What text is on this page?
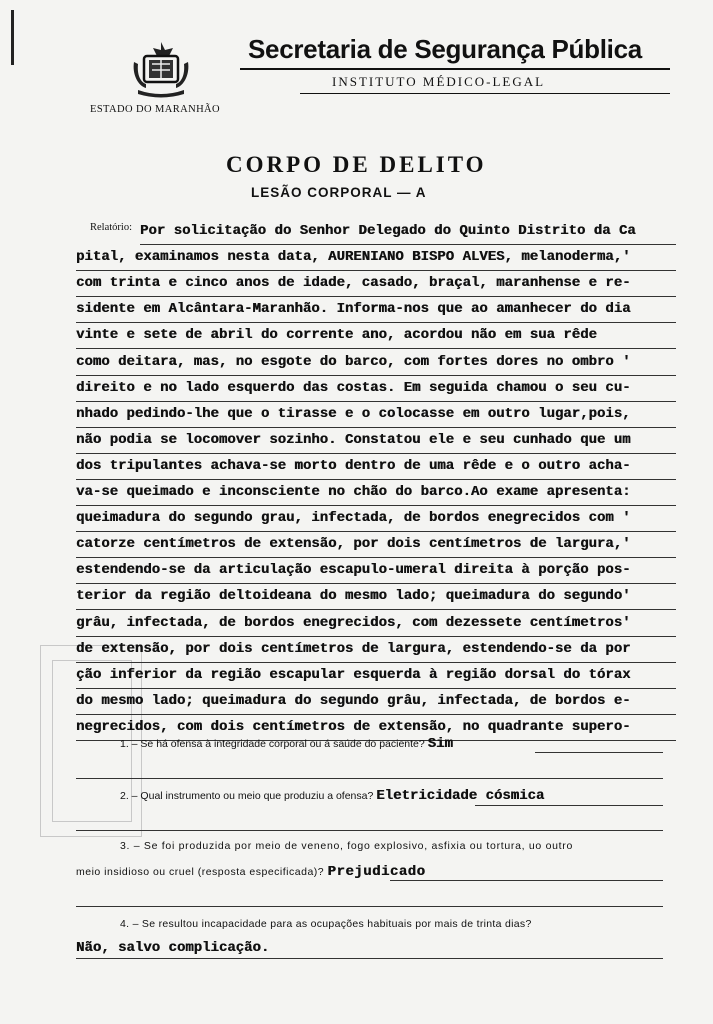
ESTADO DO MARANHÃO
Secretaria de Segurança Pública
INSTITUTO MÉDICO-LEGAL
CORPO DE DELITO
LESÃO CORPORAL — A
Relatório: Por solicitação do Senhor Delegado do Quinto Distrito da Ca
pital, examinamos nesta data, AURENIANO BISPO ALVES, melanoderma,'
com trinta e cinco anos de idade, casado, braçal, maranhense e re-
sidente em Alcântara-Maranhão. Informa-nos que ao amanhecer do dia
vinte e sete de abril do corrente ano, acordou não em sua rêde
como deitara, mas, no esgote do barco, com fortes dores no ombro '
direito e no lado esquerdo das costas. Em seguida chamou o seu cu-
nhado pedindo-lhe que o tirasse e o colocasse em outro lugar,pois,
não podia se locomover sozinho. Constatou ele e seu cunhado que um
dos tripulantes achava-se morto dentro de uma rêde e o outro acha-
va-se queimado e inconsciente no chão do barco.Ao exame apresenta:
queimadura do segundo grau, infectada, de bordos enegrecidos com '
catorze centímetros de extensão, por dois centímetros de largura,'
estendendo-se da articulação escapulo-umeral direita à porção pos-
terior da região deltoideana do mesmo lado; queimadura do segundo'
grâu, infectada, de bordos enegrecidos, com dezessete centímetros'
de extensão, por dois centímetros de largura, estendendo-se da por
ção inferior da região escapular esquerda à região dorsal do tórax
do mesmo lado; queimadura do segundo grâu, infectada, de bordos e-
negrecidos, com dois centímetros de extensão, no quadrante supero-
1. – Se há ofensa à integridade corporal ou á saúde do paciente? Sim
2. – Qual instrumento ou meio que produziu a ofensa? Eletricidade cósmica
3. – Se foi produzida por meio de veneno, fogo explosivo, asfixia ou tortura, uo outro
meio insidioso ou cruel (resposta especificada)? Prejudicado
4. – Se resultou incapacidade para as ocupações habituais por mais de trinta dias?
Não, salvo complicação.
